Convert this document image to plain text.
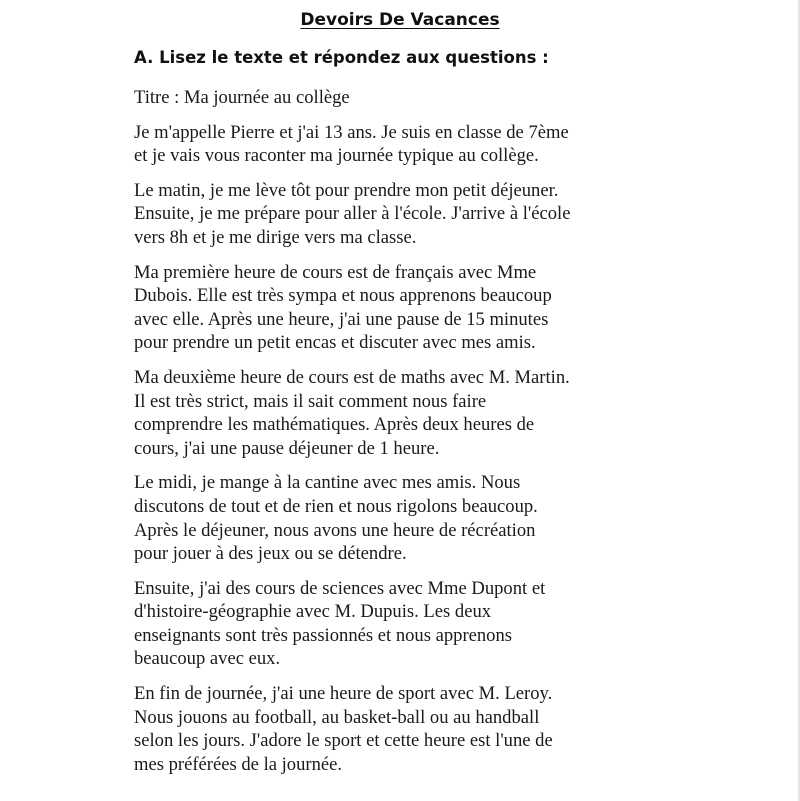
Devoirs De Vacances
A. Lisez le texte et répondez aux questions :
Titre : Ma journée au collège
Je m'appelle Pierre et j'ai 13 ans. Je suis en classe de 7ème
et je vais vous raconter ma journée typique au collège.
Le matin, je me lève tôt pour prendre mon petit déjeuner.
Ensuite, je me prépare pour aller à l'école. J'arrive à l'école
vers 8h et je me dirige vers ma classe.
Ma première heure de cours est de français avec Mme
Dubois. Elle est très sympa et nous apprenons beaucoup
avec elle. Après une heure, j'ai une pause de 15 minutes
pour prendre un petit encas et discuter avec mes amis.
Ma deuxième heure de cours est de maths avec M. Martin.
Il est très strict, mais il sait comment nous faire
comprendre les mathématiques. Après deux heures de
cours, j'ai une pause déjeuner de 1 heure.
Le midi, je mange à la cantine avec mes amis. Nous
discutons de tout et de rien et nous rigolons beaucoup.
Après le déjeuner, nous avons une heure de récréation
pour jouer à des jeux ou se détendre.
Ensuite, j'ai des cours de sciences avec Mme Dupont et
d'histoire-géographie avec M. Dupuis. Les deux
enseignants sont très passionnés et nous apprenons
beaucoup avec eux.
En fin de journée, j'ai une heure de sport avec M. Leroy.
Nous jouons au football, au basket-ball ou au handball
selon les jours. J'adore le sport et cette heure est l'une de
mes préférées de la journée.
